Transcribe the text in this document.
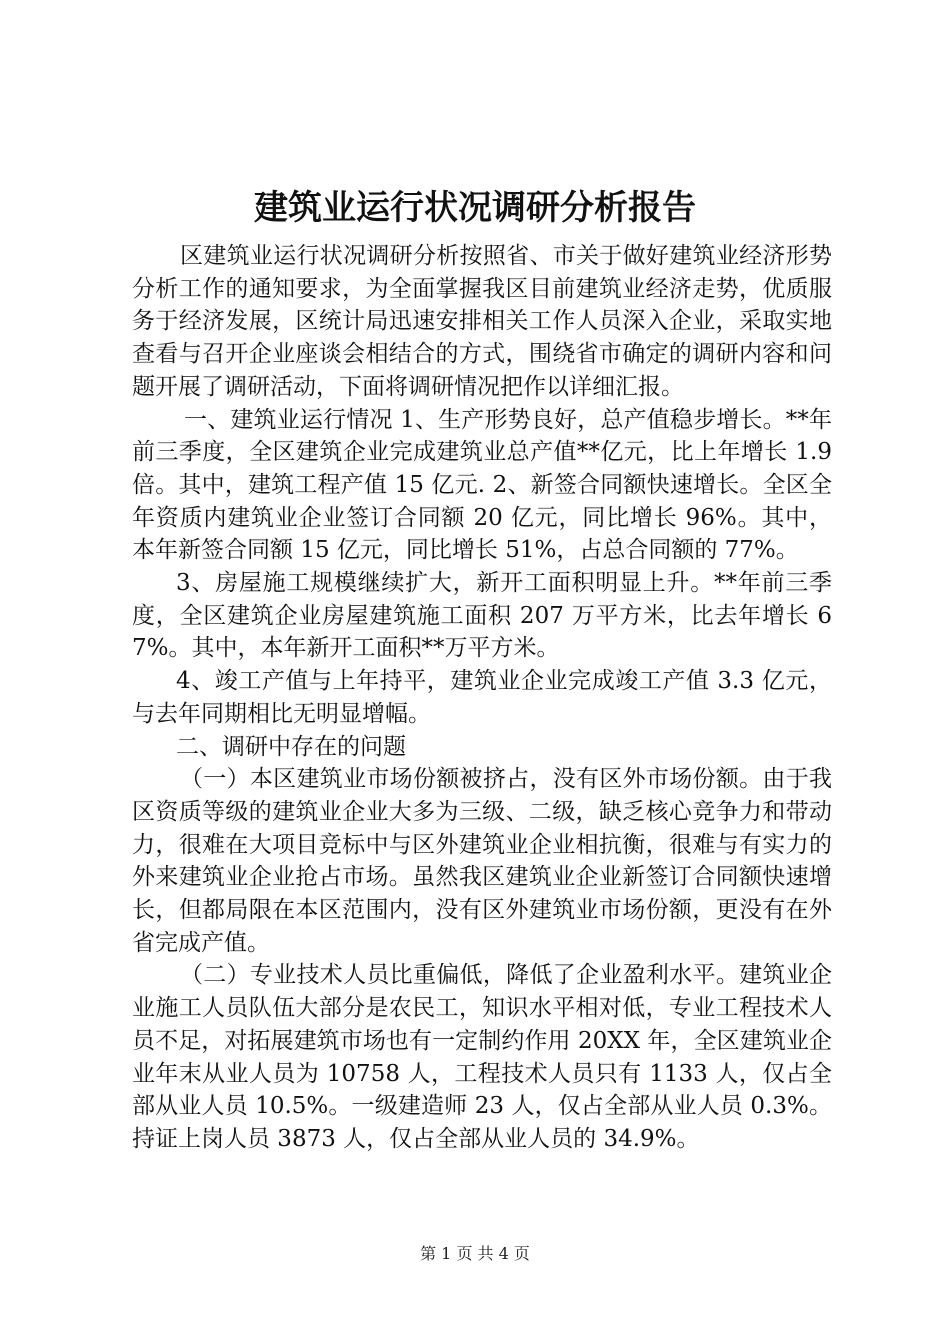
建筑业运行状况调研分析报告

区建筑业运行状况调研分析按照省、市关于做好建筑业经济形势分析工作的通知要求，为全面掌握我区目前建筑业经济走势，优质服务于经济发展，区统计局迅速安排相关工作人员深入企业，采取实地查看与召开企业座谈会相结合的方式，围绕省市确定的调研内容和问题开展了调研活动，下面将调研情况把作以详细汇报。

一、建筑业运行情况 1、生产形势良好，总产值稳步增长。**年前三季度，全区建筑企业完成建筑业总产值**亿元，比上年增长 1.9 倍。其中，建筑工程产值 15 亿元. 2、新签合同额快速增长。全区全年资质内建筑业企业签订合同额 20 亿元，同比增长 96%。其中，本年新签合同额 15 亿元，同比增长 51%，占总合同额的 77%。

3、房屋施工规模继续扩大，新开工面积明显上升。**年前三季度，全区建筑企业房屋建筑施工面积 207 万平方米，比去年增长 67%。其中，本年新开工面积**万平方米。

4、竣工产值与上年持平，建筑业企业完成竣工产值 3.3 亿元，与去年同期相比无明显增幅。

二、调研中存在的问题

（一）本区建筑业市场份额被挤占，没有区外市场份额。由于我区资质等级的建筑业企业大多为三级、二级，缺乏核心竞争力和带动力，很难在大项目竞标中与区外建筑业企业相抗衡，很难与有实力的外来建筑业企业抢占市场。虽然我区建筑业企业新签订合同额快速增长，但都局限在本区范围内，没有区外建筑业市场份额，更没有在外省完成产值。

（二）专业技术人员比重偏低，降低了企业盈利水平。建筑业企业施工人员队伍大部分是农民工，知识水平相对低，专业工程技术人员不足，对拓展建筑市场也有一定制约作用 20XX 年，全区建筑业企业年末从业人员为 10758 人，工程技术人员只有 1133 人，仅占全部从业人员 10.5%。一级建造师 23 人，仅占全部从业人员 0.3%。持证上岗人员 3873 人，仅占全部从业人员的 34.9%。

第 1 页 共 4 页
